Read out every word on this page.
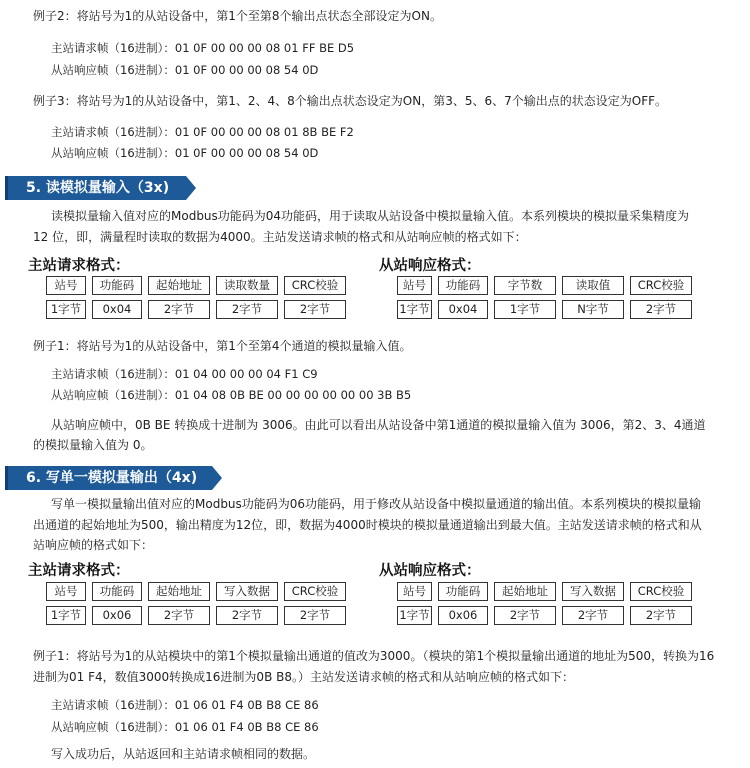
例子2：将站号为1的从站设备中，第1个至第8个输出点状态全部设定为ON。
主站请求帧（16进制）：01 0F 00 00 00 08 01 FF BE D5
从站响应帧（16进制）：01 0F 00 00 00 08 54 0D
例子3：将站号为1的从站设备中，第1、2、4、8个输出点状态设定为ON，第3、5、6、7个输出点的状态设定为OFF。
主站请求帧（16进制）：01 0F 00 00 00 08 01 8B BE F2
从站响应帧（16进制）：01 0F 00 00 00 08 54 0D
5. 读模拟量输入（3x)
读模拟量输入值对应的Modbus功能码为04功能码，用于读取从站设备中模拟量输入值。本系列模块的模拟量采集精度为
12 位，即，满量程时读取的数据为4000。主站发送请求帧的格式和从站响应帧的格式如下：
主站请求格式：	从站响应格式：
站号	功能码	起始地址	读取数量	CRC校验
1字节	0x04	2字节	2字节	2字节
站号	功能码	字节数	读取值	CRC校验
1字节	0x04	1字节	N字节	2字节
例子1：将站号为1的从站设备中，第1个至第4个通道的模拟量输入值。
主站请求帧（16进制）：01 04 00 00 00 04 F1 C9
从站响应帧（16进制）：01 04 08 0B BE 00 00 00 00 00 00 3B B5
从站响应帧中，0B BE 转换成十进制为 3006。由此可以看出从站设备中第1通道的模拟量输入值为 3006，第2、3、4通道
的模拟量输入值为 0。
6. 写单一模拟量输出（4x)
写单一模拟量输出值对应的Modbus功能码为06功能码，用于修改从站设备中模拟量通道的输出值。本系列模块的模拟量输
出通道的起始地址为500，输出精度为12位，即，数据为4000时模块的模拟量通道输出到最大值。主站发送请求帧的格式和从
站响应帧的格式如下：
主站请求格式：	从站响应格式：
站号	功能码	起始地址	写入数据	CRC校验
1字节	0x06	2字节	2字节	2字节
站号	功能码	起始地址	写入数据	CRC校验
1字节	0x06	2字节	2字节	2字节
例子1：将站号为1的从站模块中的第1个模拟量输出通道的值改为3000。（模块的第1个模拟量输出通道的地址为500，转换为16
进制为01 F4，数值3000转换成16进制为0B B8。）主站发送请求帧的格式和从站响应帧的格式如下：
主站请求帧（16进制）：01 06 01 F4 0B B8 CE 86
从站响应帧（16进制）：01 06 01 F4 0B B8 CE 86
写入成功后，从站返回和主站请求帧相同的数据。
